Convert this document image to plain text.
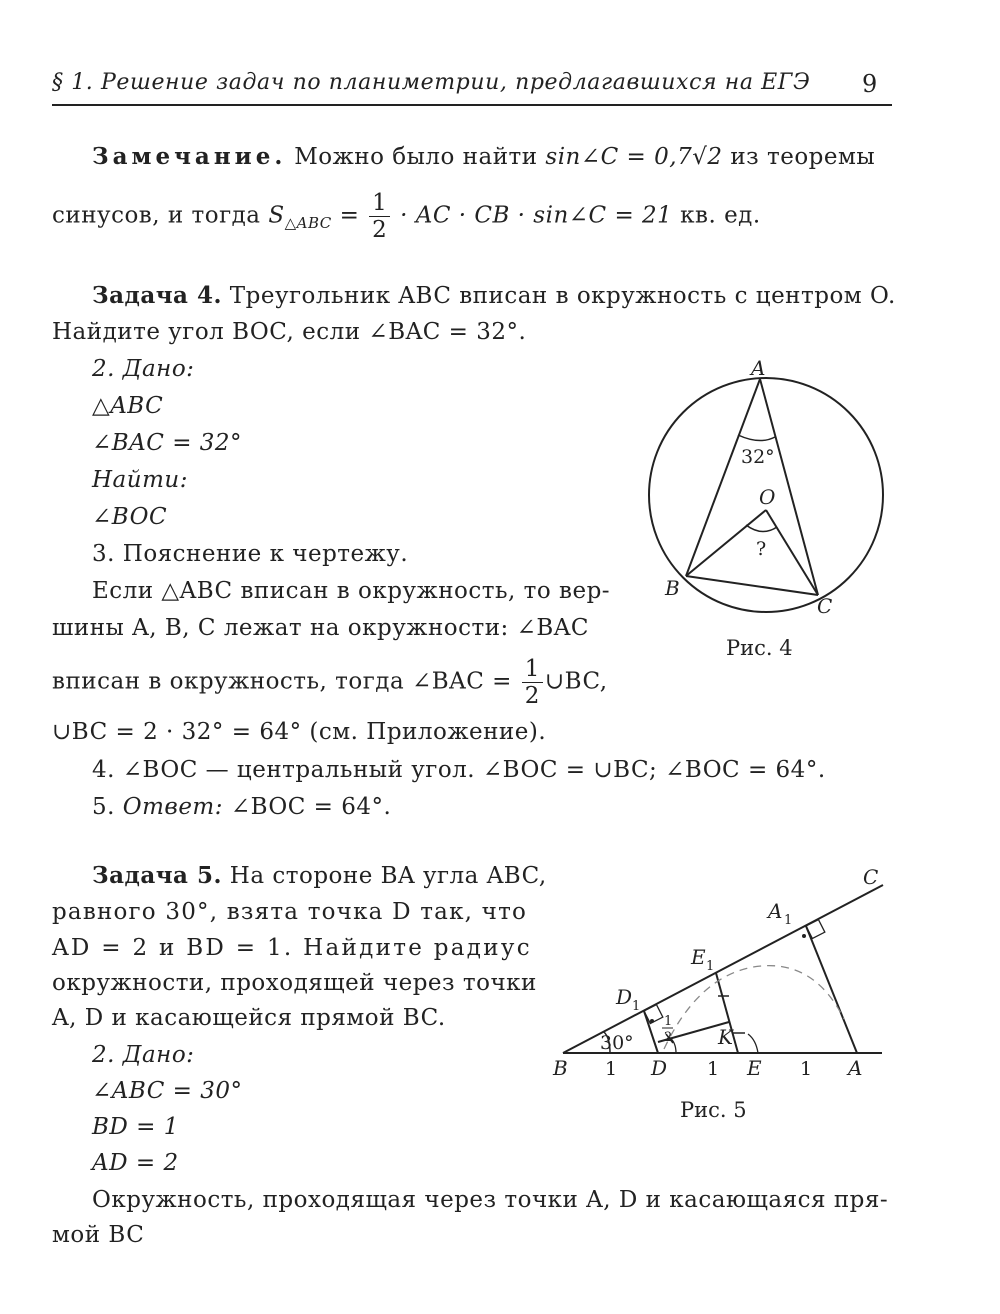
§ 1. Решение задач по планиметрии, предлагавшихся на ЕГЭ 9
Замечание. Можно было найти sin∠C = 0,7√2 из теоремы
синусов, и тогда $S_{\triangle ABC} = \frac{1}{2}$ · AC · CB · sin∠C = 21 кв. ед.
Задача 4. Треугольник ABC вписан в окружность с центром O.
Найдите угол BOC, если ∠BAC = 32°.
2. Дано:
△ABC
∠BAC = 32°
Найти:
∠BOC
3. Пояснение к чертежу.
Если △ABC вписан в окружность, то вер-
шины A, B, C лежат на окружности: ∠BAC
вписан в окружность, тогда ∠BAC = $\frac{1}{2}$ ∪BC,
∪BC = 2 · 32° = 64° (см. Приложение).
4. ∠BOC — центральный угол. ∠BOC = ∪BC; ∠BOC = 64°.
5. Ответ: ∠BOC = 64°.
A
O
B
C
32°
?
Рис. 4
Задача 5. На стороне BA угла ABC,
равного 30°, взята точка D так, что
AD = 2 и BD = 1. Найдите радиус
окружности, проходящей через точки
A, D и касающейся прямой BC.
2. Дано:
∠ABC = 30°
BD = 1
AD = 2
Окружность, проходящая через точки A, D и касающаяся пря-
мой BC
B	D	E	A
C
A 1
E 1
D 1
K
30°
1	1	1
1
2
Рис. 5
